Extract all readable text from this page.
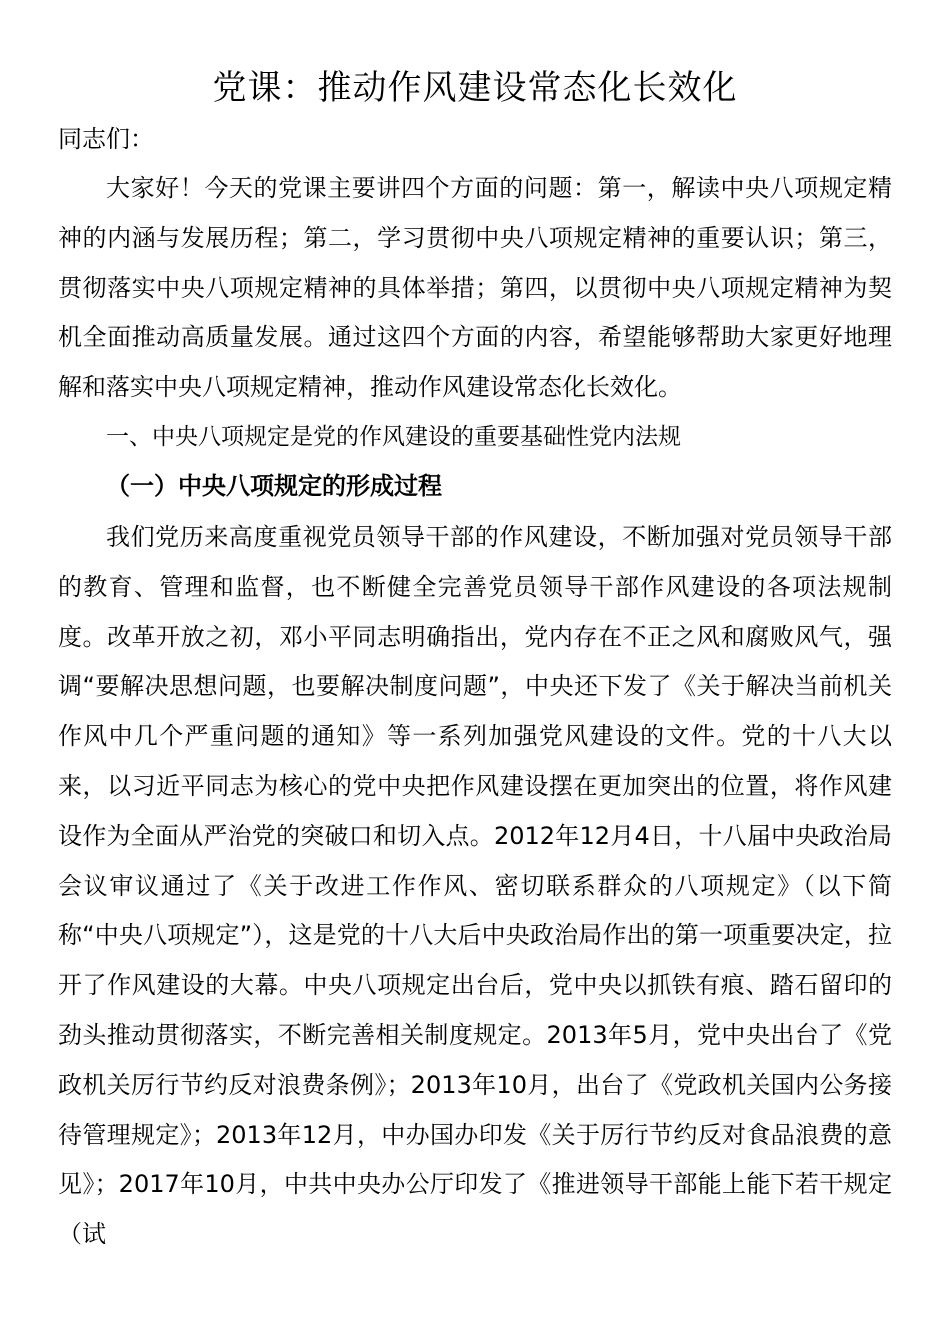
党课：推动作风建设常态化长效化
同志们：

大家好！今天的党课主要讲四个方面的问题：第一，解读中央八项规定精神的内涵与发展历程；第二，学习贯彻中央八项规定精神的重要认识；第三，贯彻落实中央八项规定精神的具体举措；第四，以贯彻中央八项规定精神为契机全面推动高质量发展。通过这四个方面的内容，希望能够帮助大家更好地理解和落实中央八项规定精神，推动作风建设常态化长效化。

一、中央八项规定是党的作风建设的重要基础性党内法规
（一）中央八项规定的形成过程

我们党历来高度重视党员领导干部的作风建设，不断加强对党员领导干部的教育、管理和监督，也不断健全完善党员领导干部作风建设的各项法规制度。改革开放之初，邓小平同志明确指出，党内存在不正之风和腐败风气，强调“要解决思想问题，也要解决制度问题”，中央还下发了《关于解决当前机关作风中几个严重问题的通知》等一系列加强党风建设的文件。党的十八大以来，以习近平同志为核心的党中央把作风建设摆在更加突出的位置，将作风建设作为全面从严治党的突破口和切入点。2012年12月4日，十八届中央政治局会议审议通过了《关于改进工作作风、密切联系群众的八项规定》（以下简称“中央八项规定”），这是党的十八大后中央政治局作出的第一项重要决定，拉开了作风建设的大幕。中央八项规定出台后，党中央以抓铁有痕、踏石留印的劲头推动贯彻落实，不断完善相关制度规定。2013年5月，党中央出台了《党政机关厉行节约反对浪费条例》；2013年10月，出台了《党政机关国内公务接待管理规定》；2013年12月，中办国办印发《关于厉行节约反对食品浪费的意见》；2017年10月，中共中央办公厅印发了《推进领导干部能上能下若干规定（试
